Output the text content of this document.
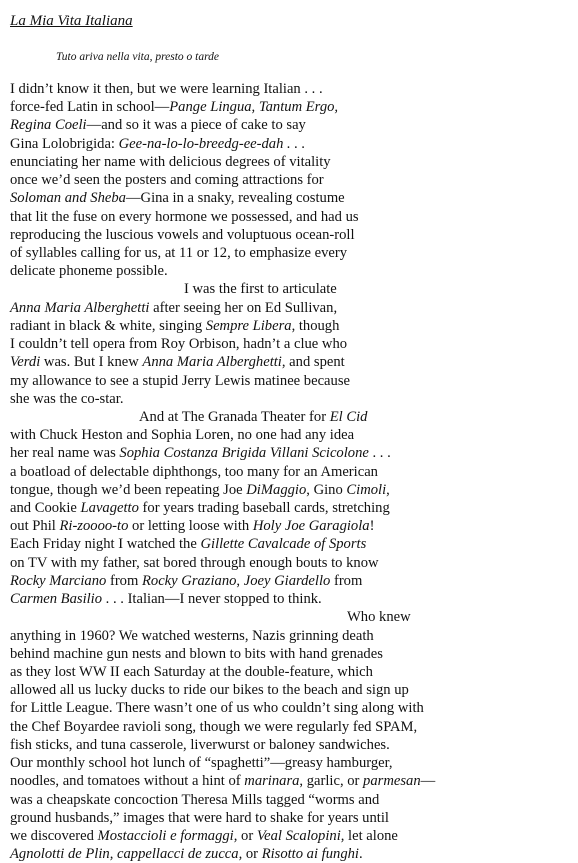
La Mia Vita Italiana
Tuto ariva nella vita, presto o tarde
I didn’t know it then, but we were learning Italian . . .
force-fed Latin in school—Pange Lingua, Tantum Ergo,
Regina Coeli—and so it was a piece of cake to say
Gina Lolobrigida: Gee-na-lo-lo-breedg-ee-dah . . .
enunciating her name with delicious degrees of vitality
once we’d seen the posters and coming attractions for
Soloman and Sheba—Gina in a snaky, revealing costume
that lit the fuse on every hormone we possessed, and had us
reproducing the luscious vowels and voluptuous ocean-roll
of syllables calling for us, at 11 or 12, to emphasize every
delicate phoneme possible.
I was the first to articulate
Anna Maria Alberghetti after seeing her on Ed Sullivan,
radiant in black & white, singing Sempre Libera, though
I couldn’t tell opera from Roy Orbison, hadn’t a clue who
Verdi was. But I knew Anna Maria Alberghetti, and spent
my allowance to see a stupid Jerry Lewis matinee because
she was the co-star.
And at The Granada Theater for El Cid
with Chuck Heston and Sophia Loren, no one had any idea
her real name was Sophia Costanza Brigida Villani Scicolone . . .
a boatload of delectable diphthongs, too many for an American
tongue, though we’d been repeating Joe DiMaggio, Gino Cimoli,
and Cookie Lavagetto for years trading baseball cards, stretching
out Phil Ri-zoooo-to or letting loose with Holy Joe Garagiola!
Each Friday night I watched the Gillette Cavalcade of Sports
on TV with my father, sat bored through enough bouts to know
Rocky Marciano from Rocky Graziano, Joey Giardello from
Carmen Basilio . . . Italian—I never stopped to think.
Who knew
anything in 1960? We watched westerns, Nazis grinning death
behind machine gun nests and blown to bits with hand grenades
as they lost WW II each Saturday at the double-feature, which
allowed all us lucky ducks to ride our bikes to the beach and sign up
for Little League. There wasn’t one of us who couldn’t sing along with
the Chef Boyardee ravioli song, though we were regularly fed SPAM,
fish sticks, and tuna casserole, liverwurst or baloney sandwiches.
Our monthly school hot lunch of “spaghetti”—greasy hamburger,
noodles, and tomatoes without a hint of marinara, garlic, or parmesan—
was a cheapskate concoction Theresa Mills tagged “worms and
ground husbands,” images that were hard to shake for years until
we discovered Mostaccioli e formaggi, or Veal Scalopini, let alone
Agnolotti de Plin, cappellacci de zucca, or Risotto ai funghi.
